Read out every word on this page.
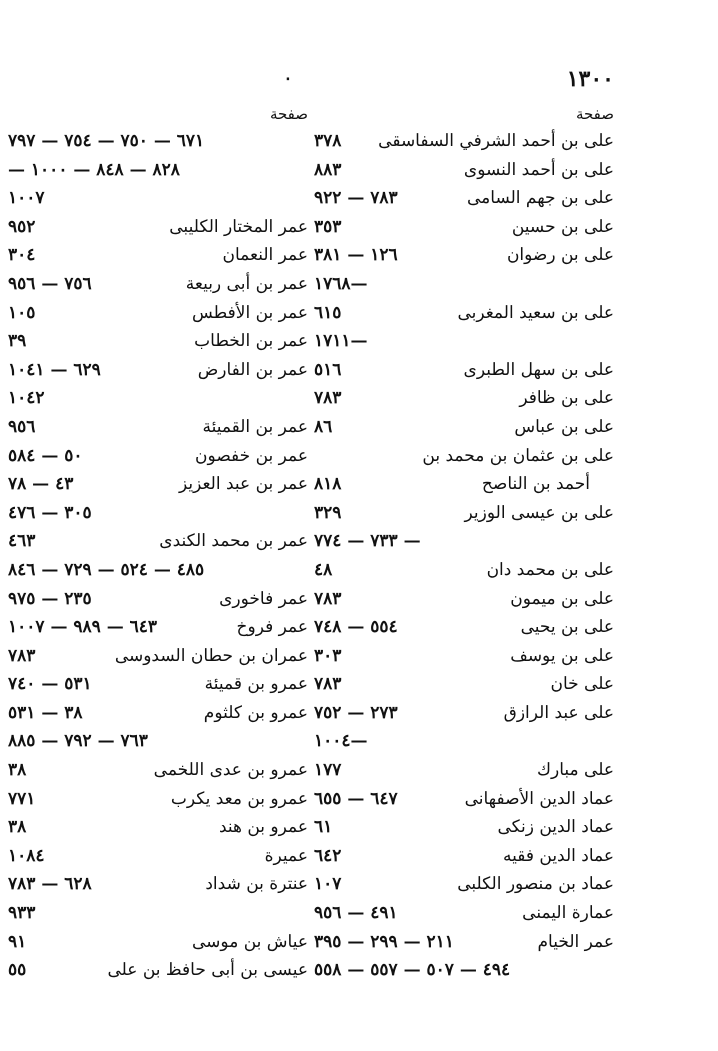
١٣٠٠
٠
صفحة
على بن أحمد الشرفي السفاسقى
٣٧٨
على بن أحمد النسوى
٨٨٣
على بن جهم السامى
٧٨٣ — ٩٢٢
على بن حسين
٣٥٣
على بن رضوان
١٢٦ — ٣٨١
—١٧٦٨
على بن سعيد المغربى
٦١٥
—١٧١١
على بن سهل الطبرى
٥١٦
على بن ظافر
٧٨٣
على بن عباس
٨٦
على بن عثمان بن محمد بن
أحمد بن الناصح
٨١٨
على بن عيسى الوزير
٣٢٩
— ٧٣٣ — ٧٧٤
على بن محمد دان
٤٨
على بن ميمون
٧٨٣
على بن يحيى
٥٥٤ — ٧٤٨
على بن يوسف
٣٠٣
على خان
٧٨٣
على عبد الرازق
٢٧٣ — ٧٥٢
—١٠٠٤
على مبارك
١٧٧
عماد الدين الأصفهانى
٦٤٧ — ٦٥٥
عماد الدين زنكى
٦١
عماد الدين فقيه
٦٤٢
عماد بن منصور الكلبى
١٠٧
عمارة اليمنى
٤٩١ — ٩٥٦
عمر الخيام
٢١١ — ٢٩٩ — ٣٩٥
٤٩٤ — ٥٠٧ — ٥٥٧ — ٥٥٨
صفحة
٦٧١ — ٧٥٠ — ٧٥٤ — ٧٩٧
٨٢٨ — ٨٤٨ — ١٠٠٠ —
١٠٠٧
عمر المختار الكليبى
٩٥٢
عمر النعمان
٣٠٤
عمر بن أبى ربيعة
٧٥٦ — ٩٥٦
عمر بن الأفطس
١٠٥
عمر بن الخطاب
٣٩
عمر بن الفارض
٦٢٩ — ١٠٤١
١٠٤٢
عمر بن القميئة
٩٥٦
عمر بن خفصون
٥٠ — ٥٨٤
عمر بن عبد العزيز
٤٣ — ٧٨
٣٠٥ — ٤٧٦
عمر بن محمد الكندى
٤٦٣
٤٨٥ — ٥٢٤ — ٧٢٩ — ٨٤٦
عمر فاخورى
٢٣٥ — ٩٧٥
عمر فروخ
٦٤٣ — ٩٨٩ — ١٠٠٧
عمران بن حطان السدوسى
٧٨٣
عمرو بن قميئة
٥٣١ — ٧٤٠
عمرو بن كلثوم
٣٨ — ٥٣١
٧٦٣ — ٧٩٢ — ٨٨٥
عمرو بن عدى اللخمى
٣٨
عمرو بن معد يكرب
٧٧١
عمرو بن هند
٣٨
عميرة
١٠٨٤
عنترة بن شداد
٦٢٨ — ٧٨٣
٩٣٣
عياش بن موسى
٩١
عيسى بن أبى حافظ بن على
٥٥
